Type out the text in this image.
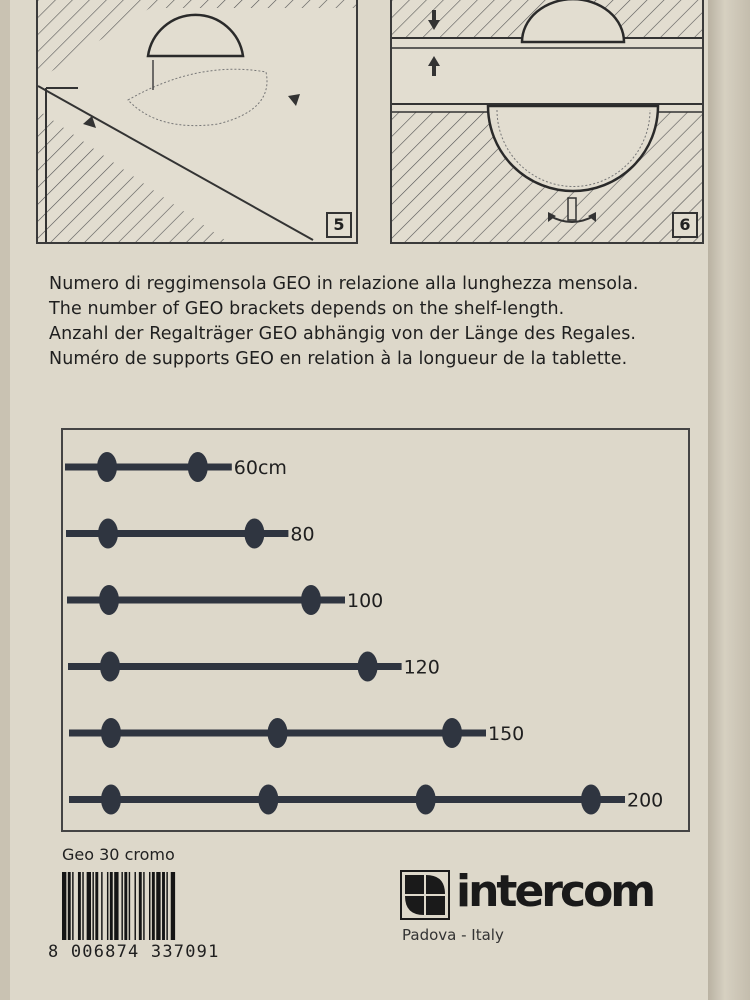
5	6
Numero di reggimensola GEO in relazione alla lunghezza mensola.
The number of GEO brackets depends on the shelf-length.
Anzahl der Regalträger GEO abhängig von der Länge des Regales.
Numéro de supports GEO en relation à la longueur de la tablette.
60cm
80
100
120
150
200
Geo 30 cromo
8 006874 337091
intercom
Padova - Italy
